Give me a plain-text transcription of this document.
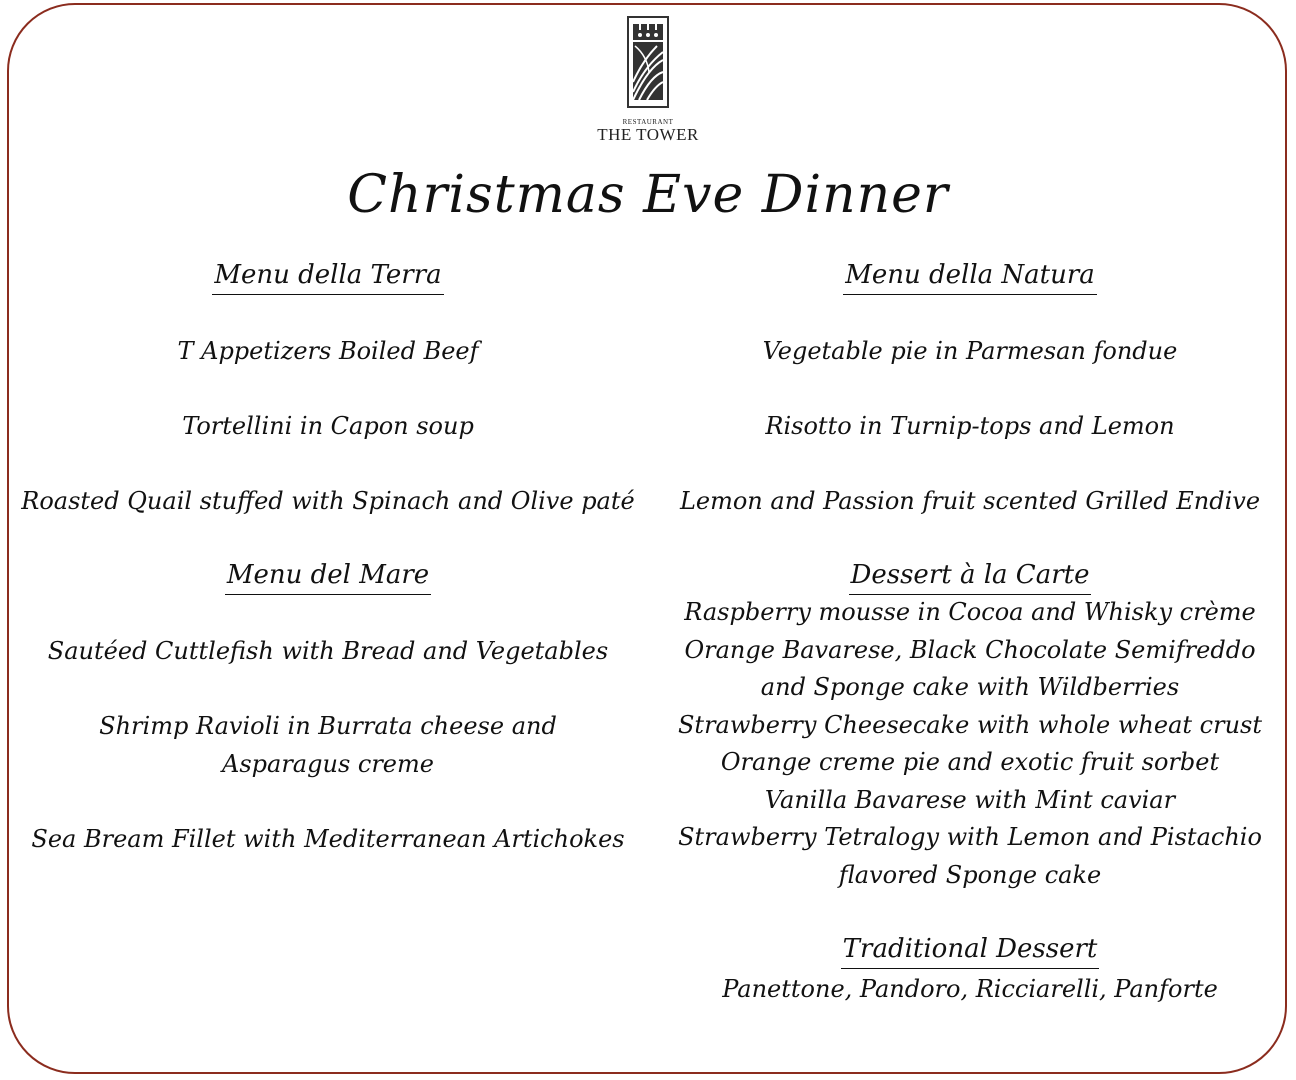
RESTAURANT
THE TOWER
Christmas Eve Dinner
Menu della Terra
T Appetizers Boiled Beef
Tortellini in Capon soup
Roasted Quail stuffed with Spinach and Olive paté
Menu del Mare
Sautéed Cuttlefish with Bread and Vegetables
Shrimp Ravioli in Burrata cheese and Asparagus creme
Sea Bream Fillet with Mediterranean Artichokes
Menu della Natura
Vegetable pie in Parmesan fondue
Risotto in Turnip-tops and Lemon
Lemon and Passion fruit scented Grilled Endive
Dessert à la Carte
Raspberry mousse in Cocoa and Whisky crème
Orange Bavarese, Black Chocolate Semifreddo
and Sponge cake with Wildberries
Strawberry Cheesecake with whole wheat crust
Orange creme pie and exotic fruit sorbet
Vanilla Bavarese with Mint caviar
Strawberry Tetralogy with Lemon and Pistachio
flavored Sponge cake
Traditional Dessert
Panettone, Pandoro, Ricciarelli, Panforte
